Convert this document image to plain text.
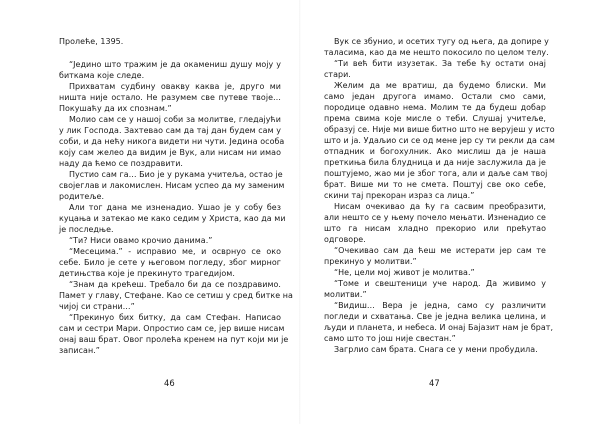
Пролеће, 1395.
“Једино што тражим је да окамениш душу моју у
биткама које следе.
Прихватам судбину овакву каква је, друго ми
ништа није остало. Не разумем све путеве твоје…
Покушаћу да их спознам.”
Молио сам се у нашој соби за молитве, гледајући
у лик Господа. Захтевао сам да тај дан будем сам у
соби, и да нећу никога видети ни чути. Једина особа
коју сам желео да видим је Вук, али нисам ни имао
наду да ћемо се поздравити.
Пустио сам га… Био је у рукама учитеља, остао је
својеглав и лакомислен. Нисам успео да му заменим
родитеље.
Али тог дана ме изненадио. Ушао је у собу без
куцања и затекао ме како седим у Христа, као да ми
је последње.
“Ти? Ниси овамо крочио данима.”
“Месецима.” - исправио ме, и осврнуо се око
себе. Било је сете у његовом погледу, због мирног
детињства које је прекинуто трагедијом.
“Знам да крећеш. Требало би да се поздравимо.
Памет у главу, Стефане. Као се сетиш у сред битке на
чијој си страни…”
“Прекинуо бих битку, да сам Стефан. Написао
сам и сестри Мари. Опростио сам се, јер више нисам
онај ваш брат. Овог пролећа кренем на пут који ми је
записан.”
Вук се збунио, и осетих тугу од њега, да допире у
таласима, као да ме нешто покосило по целом телу.
“Ти већ бити изузетак. За тебе ћу остати онај
стари.
Желим да ме вратиш, да будемо блиски. Ми
само један другога имамо. Остали смо сами,
породице одавно нема. Молим те да будеш добар
према свима које мисле о теби. Слушај учитеље,
образуј се. Није ми више битно што не верујеш у исто
што и ја. Удаљио си се од мене јер су ти рекли да сам
отпадник и богохулник. Ако мислиш да је наша
преткиња била блудница и да није заслужила да је
поштујемо, жао ми је због тога, али и даље сам твој
брат. Више ми то не смета. Поштуј све око себе,
скини тај прекоран израз са лица.”
Нисам очекивао да ћу га сасвим преобразити,
али нешто се у њему почело мењати. Изненадио се
што га нисам хладно прекорио или прећутао
одговоре.
“Очекивао сам да ћеш ме истерати јер сам те
прекинуо у молитви.”
“Не, цели мој живот је молитва.”
“Томе и свештеници уче народ. Да живимо у
молитви.”
“Видиш… Вера је једна, само су различити
погледи и схватања. Све је једна велика целина, и
људи и планета, и небеса. И онај Бајазит нам је брат,
само што то још није свестан.”
Загрлио сам брата. Снага се у мени пробудила.
46	47
